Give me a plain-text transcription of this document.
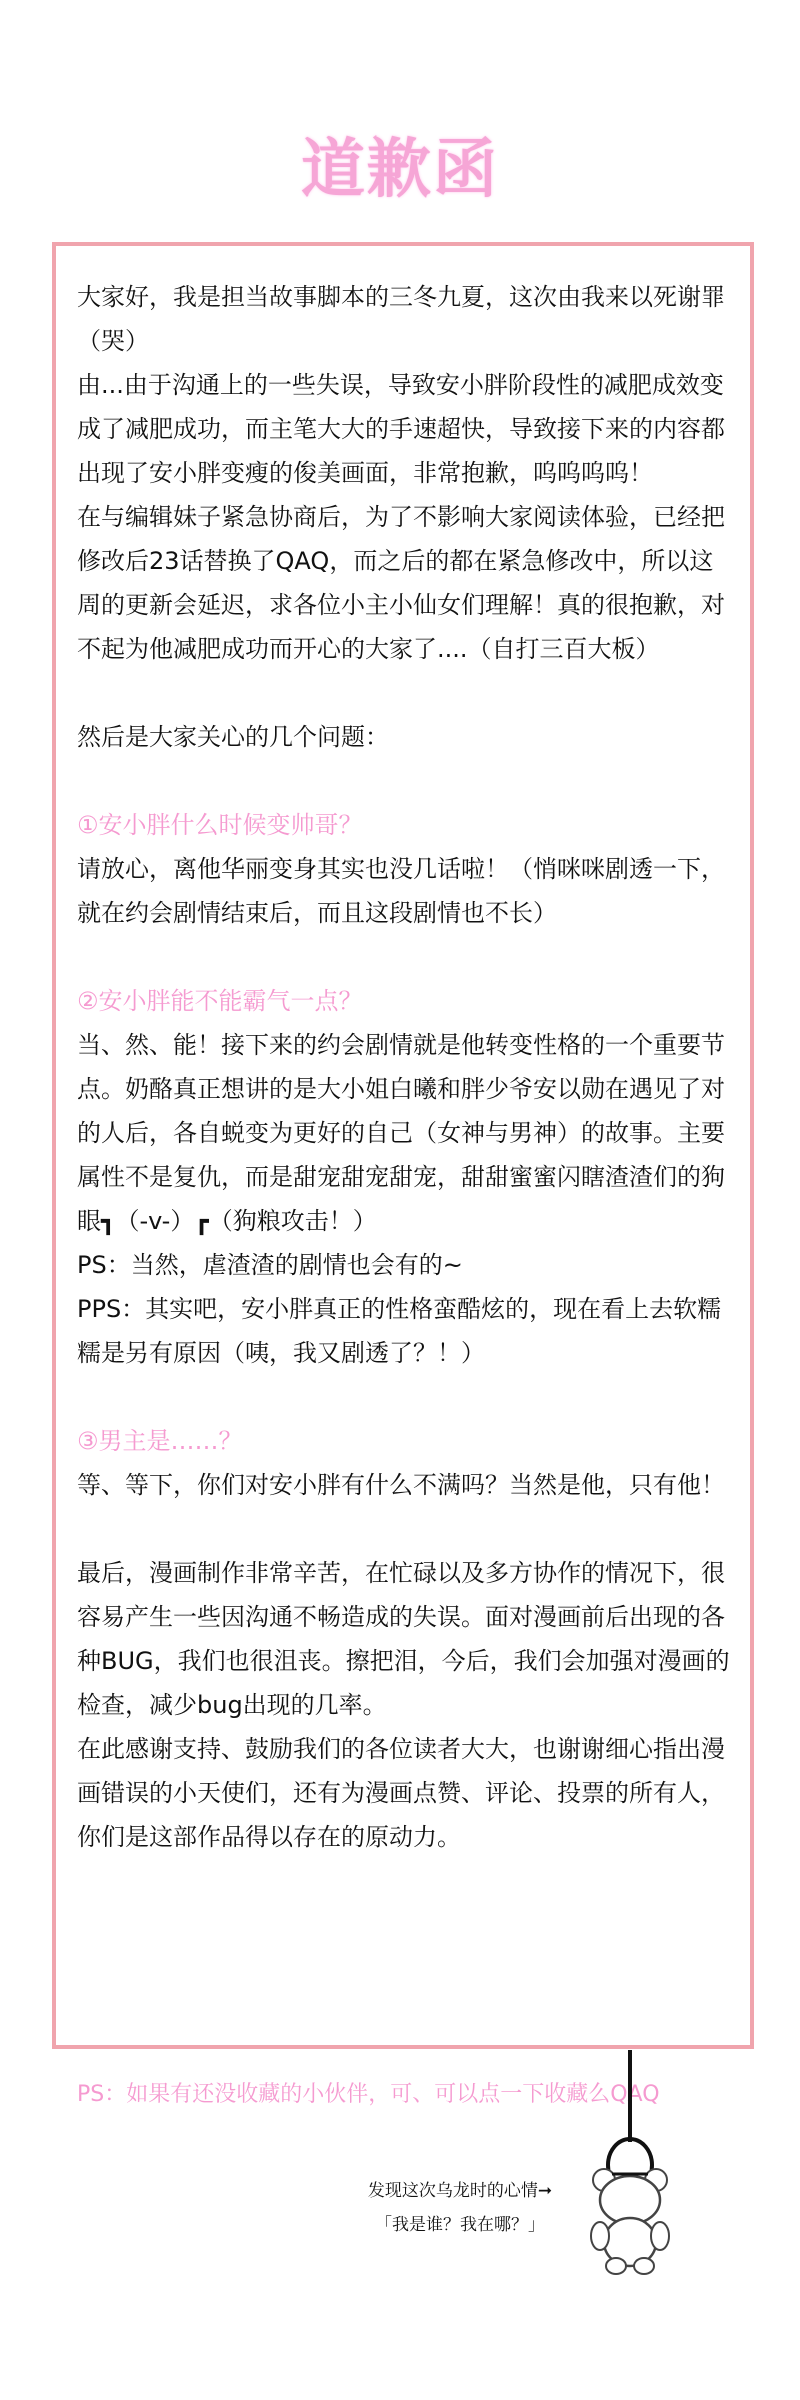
道歉函

大家好，我是担当故事脚本的三冬九夏，这次由我来以死谢罪（哭）

由...由于沟通上的一些失误，导致安小胖阶段性的减肥成效变成了减肥成功，而主笔大大的手速超快，导致接下来的内容都出现了安小胖变瘦的俊美画面，非常抱歉，呜呜呜呜！

在与编辑妹子紧急协商后，为了不影响大家阅读体验，已经把修改后23话替换了QAQ，而之后的都在紧急修改中，所以这周的更新会延迟，求各位小主小仙女们理解！真的很抱歉，对不起为他减肥成功而开心的大家了....（自打三百大板）

然后是大家关心的几个问题：

①安小胖什么时候变帅哥？

请放心，离他华丽变身其实也没几话啦！（悄咪咪剧透一下，就在约会剧情结束后，而且这段剧情也不长）

②安小胖能不能霸气一点？

当、然、能！接下来的约会剧情就是他转变性格的一个重要节点。奶酪真正想讲的是大小姐白曦和胖少爷安以勋在遇见了对的人后，各自蜕变为更好的自己（女神与男神）的故事。主要属性不是复仇，而是甜宠甜宠甜宠，甜甜蜜蜜闪瞎渣渣们的狗眼┓（-v-）┏（狗粮攻击！）

PS：当然，虐渣渣的剧情也会有的~

PPS：其实吧，安小胖真正的性格蛮酷炫的，现在看上去软糯糯是另有原因（咦，我又剧透了？！）

③男主是……？

等、等下，你们对安小胖有什么不满吗？当然是他，只有他！

最后，漫画制作非常辛苦，在忙碌以及多方协作的情况下，很容易产生一些因沟通不畅造成的失误。面对漫画前后出现的各种BUG，我们也很沮丧。擦把泪，今后，我们会加强对漫画的检查，减少bug出现的几率。

在此感谢支持、鼓励我们的各位读者大大，也谢谢细心指出漫画错误的小天使们，还有为漫画点赞、评论、投票的所有人，你们是这部作品得以存在的原动力。

PS：如果有还没收藏的小伙伴，可、可以点一下收藏么QAQ

发现这次乌龙时的心情➞

「我是谁？我在哪？」
